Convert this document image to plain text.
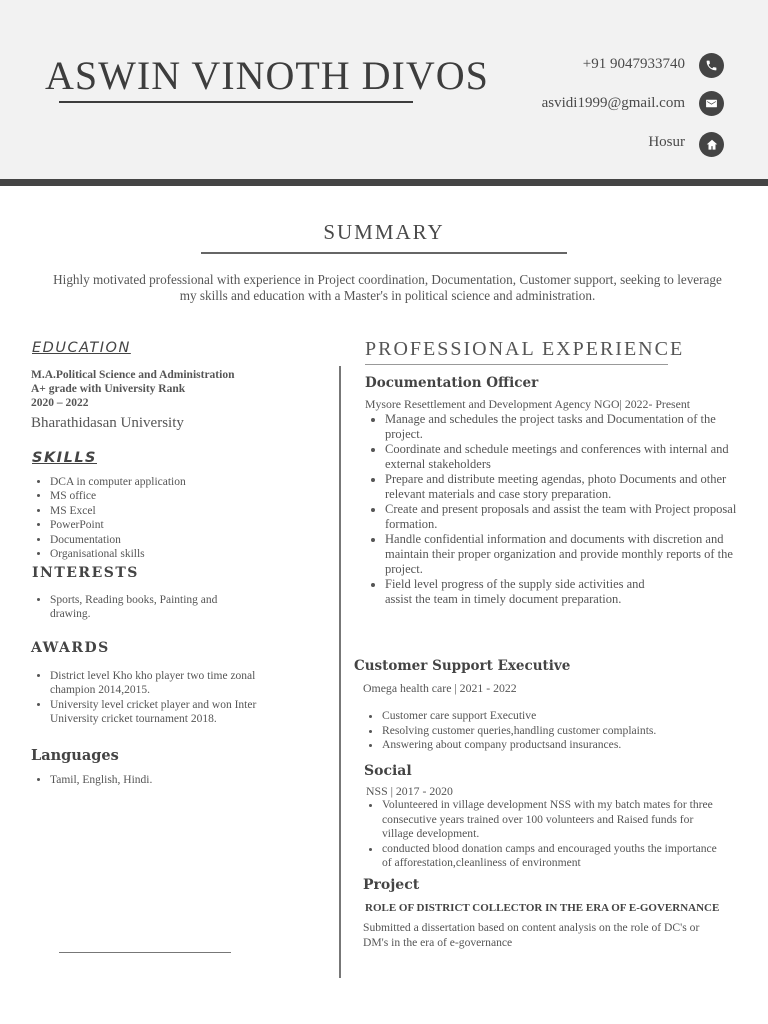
ASWIN VINOTH DIVOS	+91 9047933740
asvidi1999@gmail.com
Hosur
SUMMARY
Highly motivated professional with experience in Project coordination, Documentation, Customer support, seeking to leverage my skills and education with a Master's in political science and administration.
EDUCATION
M.A.Political Science and Administration
A+ grade with University Rank
2020 – 2022
Bharathidasan University
SKILLS
• DCA in computer application
• MS office
• MS Excel
• PowerPoint
• Documentation
• Organisational skills
INTERESTS
• Sports, Reading books, Painting and drawing.
AWARDS
• District level Kho kho player two time zonal champion 2014,2015.
• University level cricket player and won Inter University cricket tournament 2018.
Languages
• Tamil, English, Hindi.
PROFESSIONAL EXPERIENCE
Documentation Officer
Mysore Resettlement and Development Agency NGO| 2022- Present
• Manage and schedules the project tasks and Documentation of the project.
• Coordinate and schedule meetings and conferences with internal and external stakeholders
• Prepare and distribute meeting agendas, photo Documents and other relevant materials and case story preparation.
• Create and present proposals and assist the team with Project proposal formation.
• Handle confidential information and documents with discretion and maintain their proper organization and provide monthly reports of the project.
• Field level progress of the supply side activities and assist the team in timely document preparation.
Customer Support Executive
Omega health care | 2021 - 2022
• Customer care support Executive
• Resolving customer queries,handling customer complaints.
• Answering about company productsand insurances.
Social
NSS | 2017 - 2020
• Volunteered in village development NSS with my batch mates for three consecutive years trained over 100 volunteers and Raised funds for village development.
• conducted blood donation camps and encouraged youths the importance of afforestation,cleanliness of environment
Project
ROLE OF DISTRICT COLLECTOR IN THE ERA OF E-GOVERNANCE
Submitted a dissertation based on content analysis on the role of DC's or DM's in the era of e-governance
